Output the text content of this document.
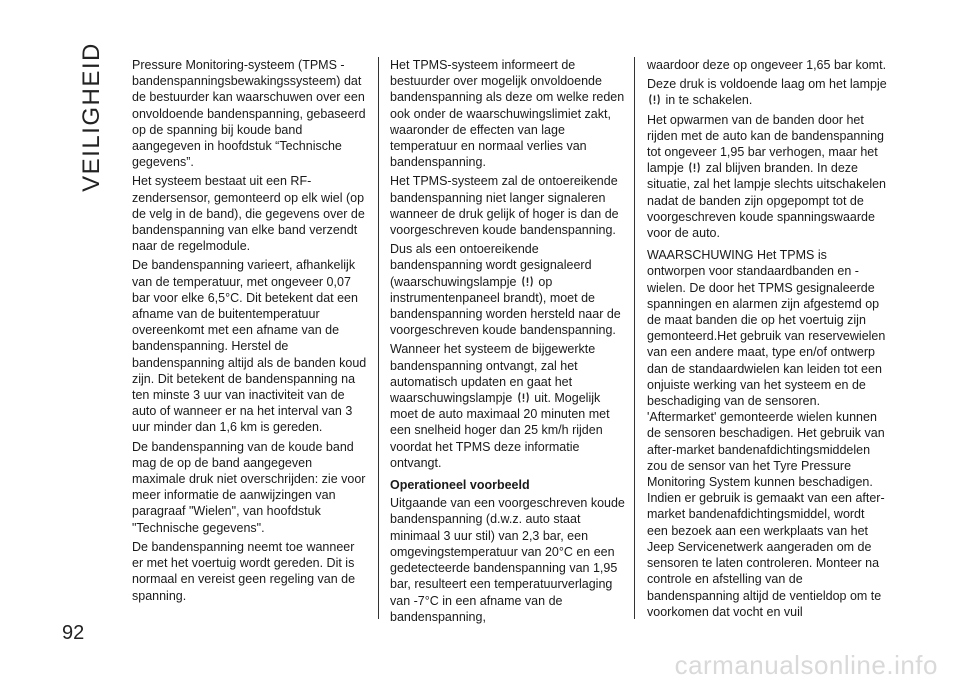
VEILIGHEID
92

Pressure Monitoring-systeem (TPMS - bandenspanningsbewakingssysteem) dat de bestuurder kan waarschuwen over een onvoldoende bandenspanning, gebaseerd op de spanning bij koude band aangegeven in hoofdstuk “Technische gegevens”.

Het systeem bestaat uit een RF-zendersensor, gemonteerd op elk wiel (op de velg in de band), die gegevens over de bandenspanning van elke band verzendt naar de regelmodule.

De bandenspanning varieert, afhankelijk van de temperatuur, met ongeveer 0,07 bar voor elke 6,5°C. Dit betekent dat een afname van de buitentemperatuur overeenkomt met een afname van de bandenspanning. Herstel de bandenspanning altijd als de banden koud zijn. Dit betekent de bandenspanning na ten minste 3 uur van inactiviteit van de auto of wanneer er na het interval van 3 uur minder dan 1,6 km is gereden.

De bandenspanning van de koude band mag de op de band aangegeven maximale druk niet overschrijden: zie voor meer informatie de aanwijzingen van paragraaf "Wielen", van hoofdstuk "Technische gegevens".

De bandenspanning neemt toe wanneer er met het voertuig wordt gereden. Dit is normaal en vereist geen regeling van de spanning.

Het TPMS-systeem informeert de bestuurder over mogelijk onvoldoende bandenspanning als deze om welke reden ook onder de waarschuwingslimiet zakt, waaronder de effecten van lage temperatuur en normaal verlies van bandenspanning.

Het TPMS-systeem zal de ontoereikende bandenspanning niet langer signaleren wanneer de druk gelijk of hoger is dan de voorgeschreven koude bandenspanning.

Dus als een ontoereikende bandenspanning wordt gesignaleerd (waarschuwingslampje op instrumentenpaneel brandt), moet de bandenspanning worden hersteld naar de voorgeschreven koude bandenspanning.

Wanneer het systeem de bijgewerkte bandenspanning ontvangt, zal het automatisch updaten en gaat het waarschuwingslampje uit. Mogelijk moet de auto maximaal 20 minuten met een snelheid hoger dan 25 km/h rijden voordat het TPMS deze informatie ontvangt.

Operationeel voorbeeld

Uitgaande van een voorgeschreven koude bandenspanning (d.w.z. auto staat minimaal 3 uur stil) van 2,3 bar, een omgevingstemperatuur van 20°C en een gedetecteerde bandenspanning van 1,95 bar, resulteert een temperatuurverlaging van -7°C in een afname van de bandenspanning,

waardoor deze op ongeveer 1,65 bar komt.

Deze druk is voldoende laag om het lampje  in te schakelen.

Het opwarmen van de banden door het rijden met de auto kan de bandenspanning tot ongeveer 1,95 bar verhogen, maar het lampje zal blijven branden. In deze situatie, zal het lampje slechts uitschakelen nadat de banden zijn opgepompt tot de voorgeschreven koude spanningswaarde voor de auto.

WAARSCHUWING Het TPMS is ontworpen voor standaardbanden en -wielen. De door het TPMS gesignaleerde spanningen en alarmen zijn afgestemd op de maat banden die op het voertuig zijn gemonteerd.Het gebruik van reservewielen van een andere maat, type en/of ontwerp dan de standaardwielen kan leiden tot een onjuiste werking van het systeem en de beschadiging van de sensoren. 'Aftermarket' gemonteerde wielen kunnen de sensoren beschadigen. Het gebruik van after-market bandenafdichtingsmiddelen zou de sensor van het Tyre Pressure Monitoring System kunnen beschadigen. Indien er gebruik is gemaakt van een after-market bandenafdichtingsmiddel, wordt een bezoek aan een werkplaats van het Jeep Servicenetwerk aangeraden om de sensoren te laten controleren. Monteer na controle en afstelling van de bandenspanning altijd de ventieldop om te voorkomen dat vocht en vuil

carmanualsonline.info
